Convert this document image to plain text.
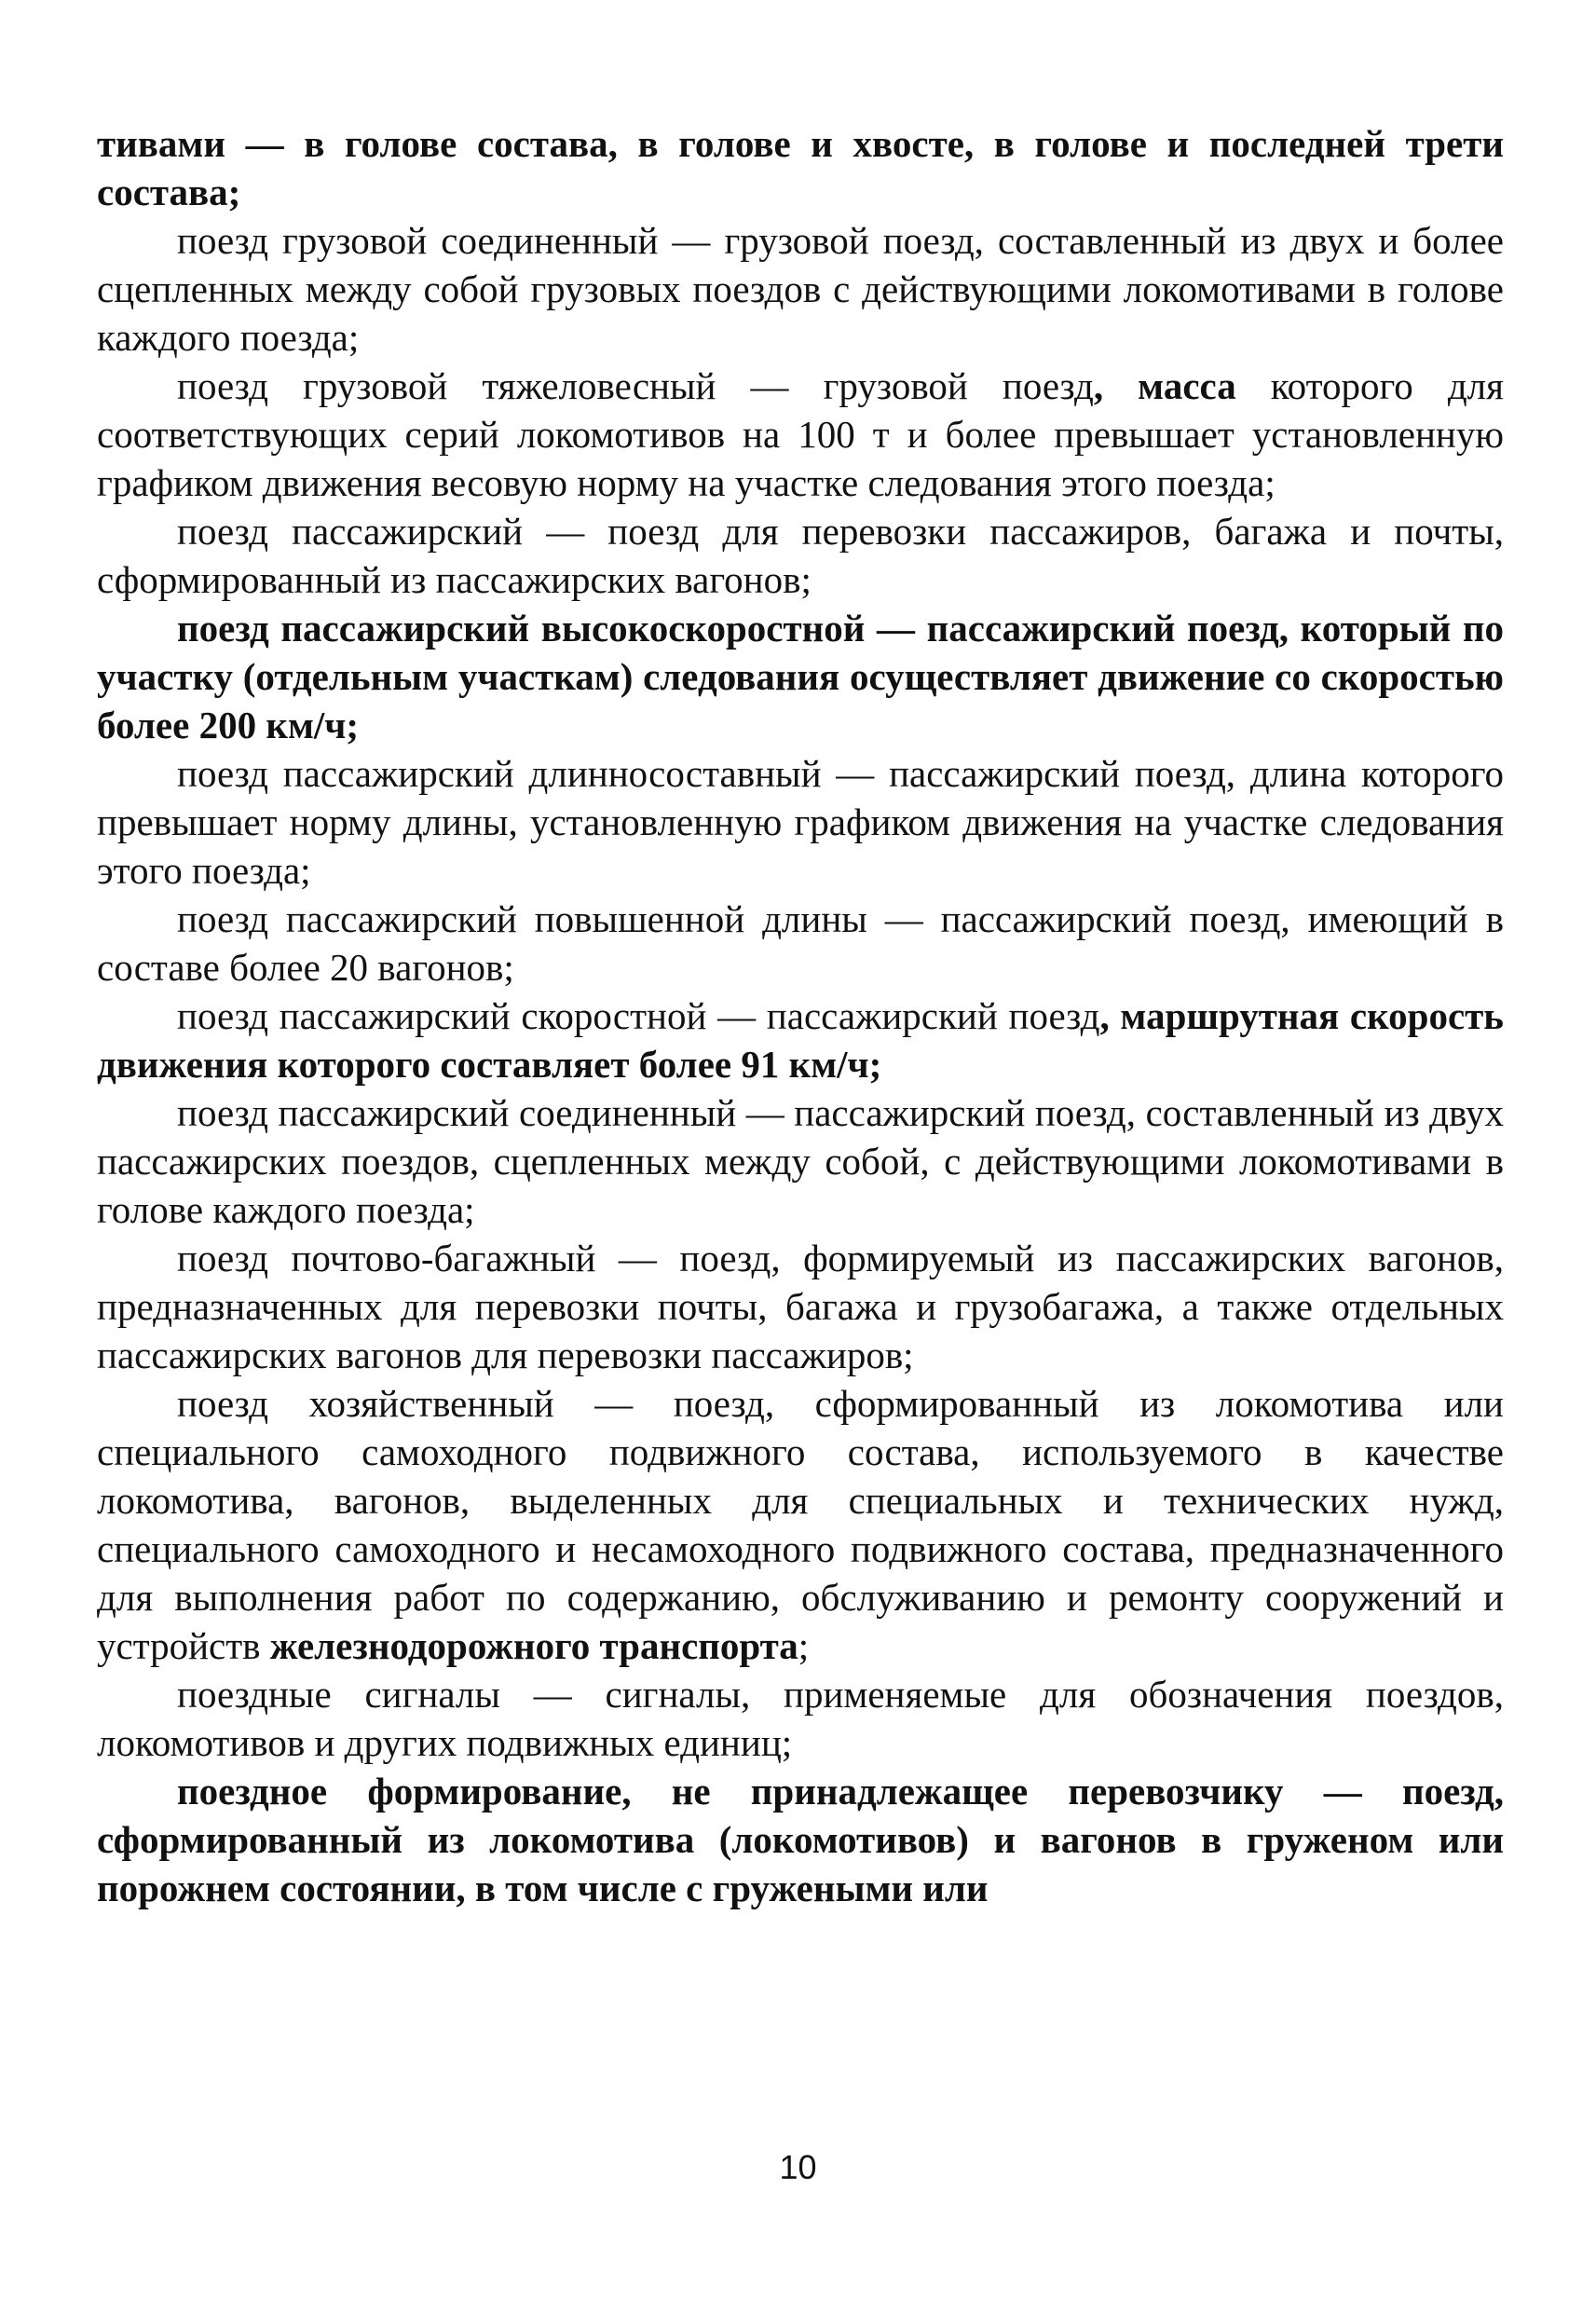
тивами — в голове состава, в голове и хвосте, в голове и последней трети состава;

поезд грузовой соединенный — грузовой поезд, составленный из двух и более сцепленных между собой грузовых поездов с действующими локомотивами в голове каждого поезда;

поезд грузовой тяжеловесный — грузовой поезд, масса которого для соответствующих серий локомотивов на 100 т и более превышает установленную графиком движения весовую норму на участке следования этого поезда;

поезд пассажирский — поезд для перевозки пассажиров, багажа и почты, сформированный из пассажирских вагонов;

поезд пассажирский высокоскоростной — пассажирский поезд, который по участку (отдельным участкам) следования осуществляет движение со скоростью более 200 км/ч;

поезд пассажирский длинносоставный — пассажирский поезд, длина которого превышает норму длины, установленную графиком движения на участке следования этого поезда;

поезд пассажирский повышенной длины — пассажирский поезд, имеющий в составе более 20 вагонов;

поезд пассажирский скоростной — пассажирский поезд, маршрутная скорость движения которого составляет более 91 км/ч;

поезд пассажирский соединенный — пассажирский поезд, составленный из двух пассажирских поездов, сцепленных между собой, с действующими локомотивами в голове каждого поезда;

поезд почтово-багажный — поезд, формируемый из пассажирских вагонов, предназначенных для перевозки почты, багажа и грузобагажа, а также отдельных пассажирских вагонов для перевозки пассажиров;

поезд хозяйственный — поезд, сформированный из локомотива или специального самоходного подвижного состава, используемого в качестве локомотива, вагонов, выделенных для специальных и технических нужд, специального самоходного и несамоходного подвижного состава, предназначенного для выполнения работ по содержанию, обслуживанию и ремонту сооружений и устройств железнодорожного транспорта;

поездные сигналы — сигналы, применяемые для обозначения поездов, локомотивов и других подвижных единиц;

поездное формирование, не принадлежащее перевозчику — поезд, сформированный из локомотива (локомотивов) и вагонов в груженом или порожнем состоянии, в том числе с гружеными или

10
